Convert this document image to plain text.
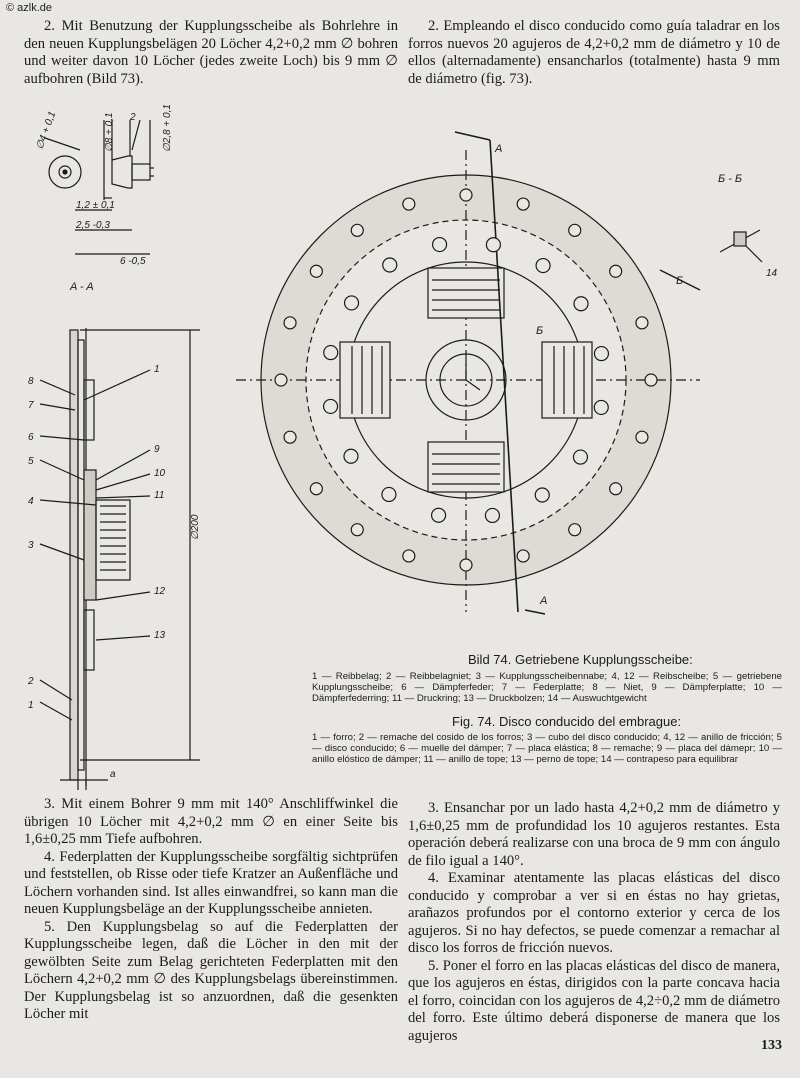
© azlk.de

2. Mit Benutzung der Kupplungsscheibe als Bohrlehre in den neuen Kupplungsbelägen 20 Löcher 4,2+0,2 mm ∅ bohren und weiter davon 10 Löcher (jedes zweite Loch) bis 9 mm ∅ aufbohren (Bild 73).

2. Empleando el disco conducido como guía taladrar en los forros nuevos 20 agujeros de 4,2+0,2 mm de diámetro y 10 de ellos (alternadamente) ensancharlos (totalmente) hasta 9 mm de diámetro (fig. 73).

A - A
Б - Б
∅200
a
1,2 ± 0,1
2,5 -0,3
6 -0,5
∅4 + 0,1	∅8 + 0,1	∅2,8 + 0,1	A
A
Б
Б
8
7
6
5
4
3
2
1
1
9
10
11
12
13
14
2
Bild 74. Getriebene Kupplungsscheibe:
1 — Reibbelag; 2 — Reibbelagniet; 3 — Kupplungsscheibennabe; 4, 12 — Reibscheibe; 5 — getriebene Kupplungsscheibe; 6 — Dämpferfeder; 7 — Federplatte; 8 — Niet, 9 — Dämpferplatte; 10 — Dämpferfederring; 11 — Druckring; 13 — Druckbolzen; 14 — Auswuchtgewicht
Fig. 74. Disco conducido del embrague:
1 — forro; 2 — remache del cosido de los forros; 3 — cubo del disco conducido; 4, 12 — anillo de fricción; 5 — disco conducido; 6 — muelle del dámper; 7 — placa elástica; 8 — remache; 9 — placa del dámepr; 10 — anillo elóstico de dámper; 11 — anillo de tope; 13 — perno de tope; 14 — contrapeso para equilibrar

3. Mit einem Bohrer 9 mm mit 140° Anschliffwinkel die übrigen 10 Löcher mit 4,2+0,2 mm ∅ en einer Seite bis 1,6±0,25 mm Tiefe aufbohren.

4. Federplatten der Kupplungsscheibe sorgfältig sichtprüfen und feststellen, ob Risse oder tiefe Kratzer an Außenfläche und Löchern vorhanden sind. Ist alles einwandfrei, so kann man die neuen Kupplungsbeläge an der Kupplungsscheibe annieten.

5. Den Kupplungsbelag so auf die Federplatten der Kupplungsscheibe legen, daß die Löcher in den mit der gewölbten Seite zum Belag gerichteten Federplatten mit den Löchern 4,2+0,2 mm ∅ des Kupplungsbelags übereinstimmen. Der Kupplungsbelag ist so anzuordnen, daß die gesenkten Löcher mit

3. Ensanchar por un lado hasta 4,2+0,2 mm de diámetro y 1,6±0,25 mm de profundidad los 10 agujeros restantes. Esta operación deberá realizarse con una broca de 9 mm con ángulo de filo igual a 140°.

4. Examinar atentamente las placas elásticas del disco conducido y comprobar a ver si en éstas no hay grietas, arañazos profundos por el contorno exterior y cerca de los agujeros. Si no hay defectos, se puede comenzar a remachar al disco los forros de fricción nuevos.

5. Poner el forro en las placas elásticas del disco de manera, que los agujeros en éstas, dirigidos con la parte concava hacia el forro, coincidan con los agujeros de 4,2÷0,2 mm de diámetro del forro. Este último deberá disponerse de manera que los agujeros

133
